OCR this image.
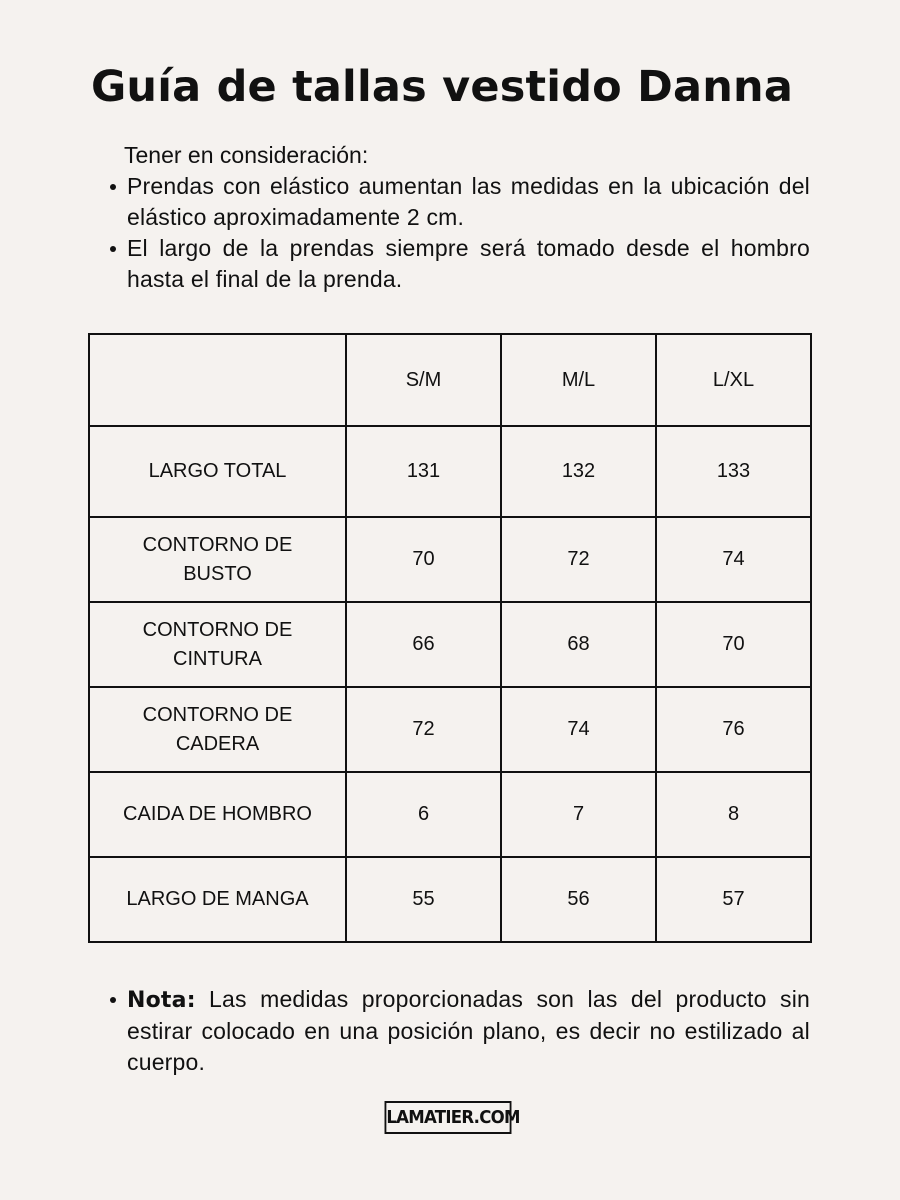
Guía de tallas vestido Danna
Tener en consideración:
Prendas con elástico aumentan las medidas en la ubicación del elástico aproximadamente 2 cm.
El largo de la prendas siempre será tomado desde el hombro hasta el final de la prenda.
	S/M	M/L	L/XL
LARGO TOTAL	131	132	133
CONTORNO DE
BUSTO	70	72	74
CONTORNO DE
CINTURA	66	68	70
CONTORNO DE
CADERA	72	74	76
CAIDA DE HOMBRO	6	7	8
LARGO DE MANGA	55	56	57
Nota: Las medidas proporcionadas son las del producto sin estirar colocado en una posición plano, es decir no estilizado al cuerpo.
LAMATIER.COM
